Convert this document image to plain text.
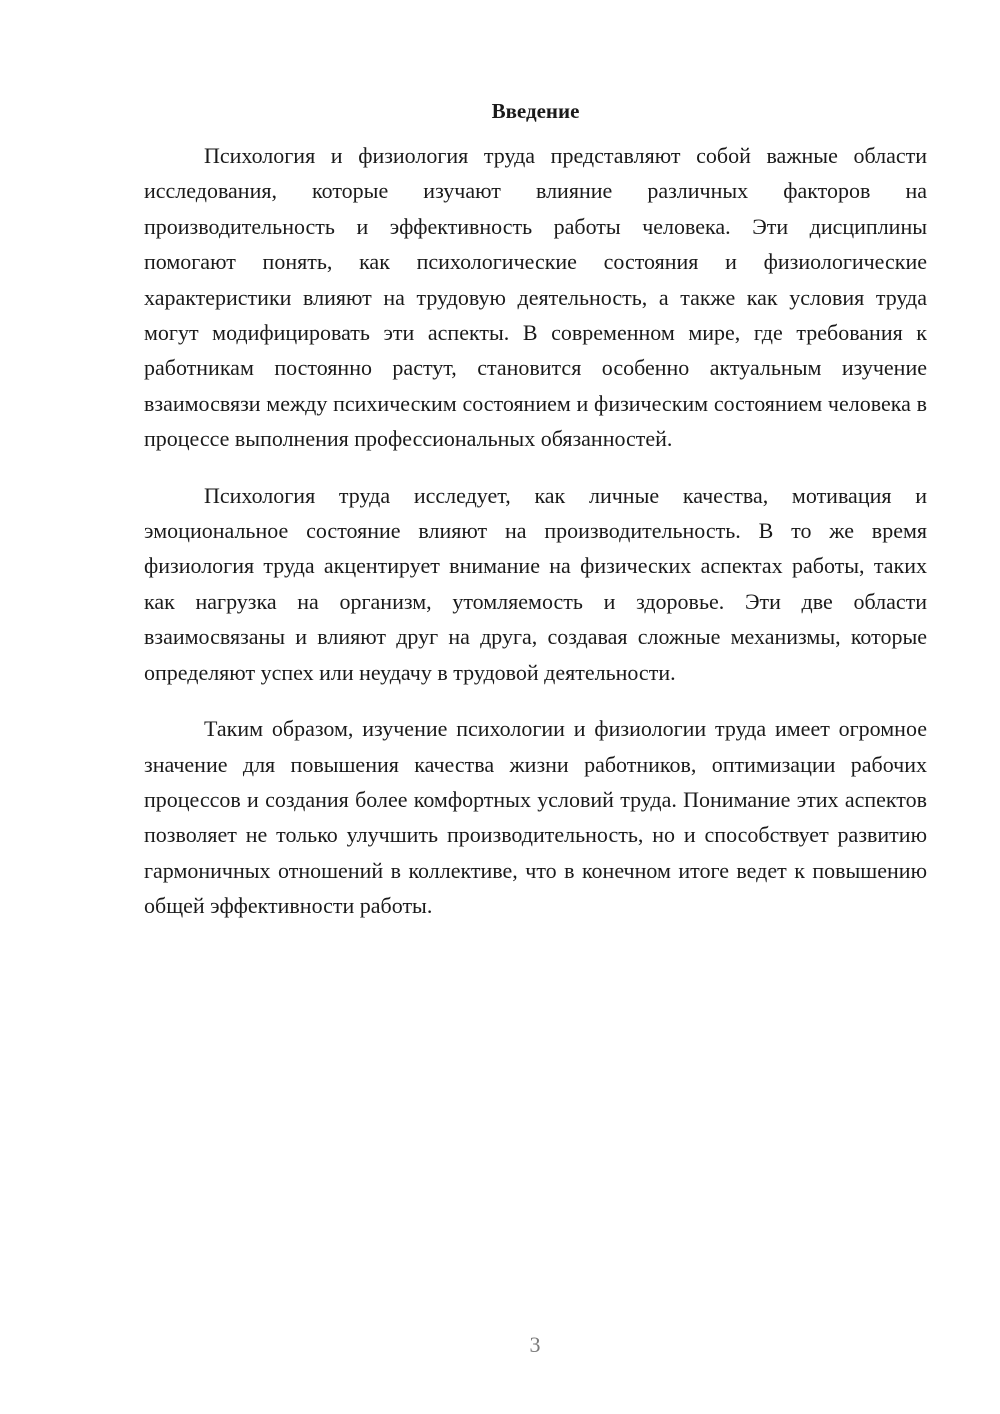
Введение

Психология и физиология труда представляют собой важные области исследования, которые изучают влияние различных факторов на производительность и эффективность работы человека. Эти дисциплины помогают понять, как психологические состояния и физиологические характеристики влияют на трудовую деятельность, а также как условия труда могут модифицировать эти аспекты. В современном мире, где требования к работникам постоянно растут, становится особенно актуальным изучение взаимосвязи между психическим состоянием и физическим состоянием человека в процессе выполнения профессиональных обязанностей.

Психология труда исследует, как личные качества, мотивация и эмоциональное состояние влияют на производительность. В то же время физиология труда акцентирует внимание на физических аспектах работы, таких как нагрузка на организм, утомляемость и здоровье. Эти две области взаимосвязаны и влияют друг на друга, создавая сложные механизмы, которые определяют успех или неудачу в трудовой деятельности.

Таким образом, изучение психологии и физиологии труда имеет огромное значение для повышения качества жизни работников, оптимизации рабочих процессов и создания более комфортных условий труда. Понимание этих аспектов позволяет не только улучшить производительность, но и способствует развитию гармоничных отношений в коллективе, что в конечном итоге ведет к повышению общей эффективности работы.

3
